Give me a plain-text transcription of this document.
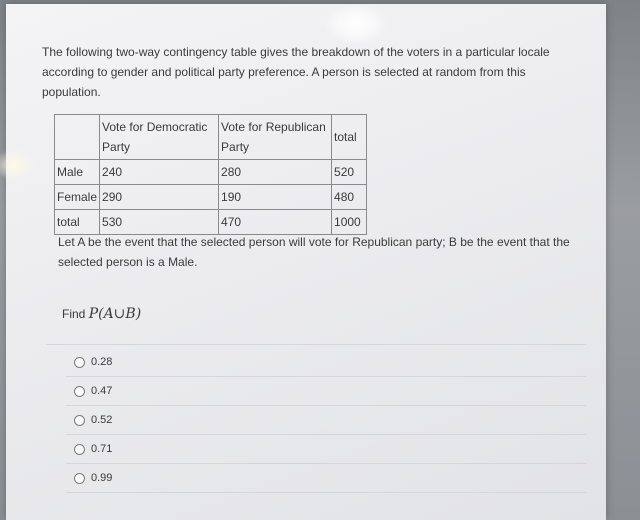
The following two-way contingency table gives the breakdown of the voters in a particular locale
according to gender and political party preference. A person is selected at random from this
population.
	Vote for Democratic Party	Vote for Republican Party	total
Male	240	280	520
Female	290	190	480
total	530	470	1000
Let A be the event that the selected person will vote for Republican party; B be the event that the
selected person is a Male.
Find P(A∪B)
0.28
0.47
0.52
0.71
0.99
